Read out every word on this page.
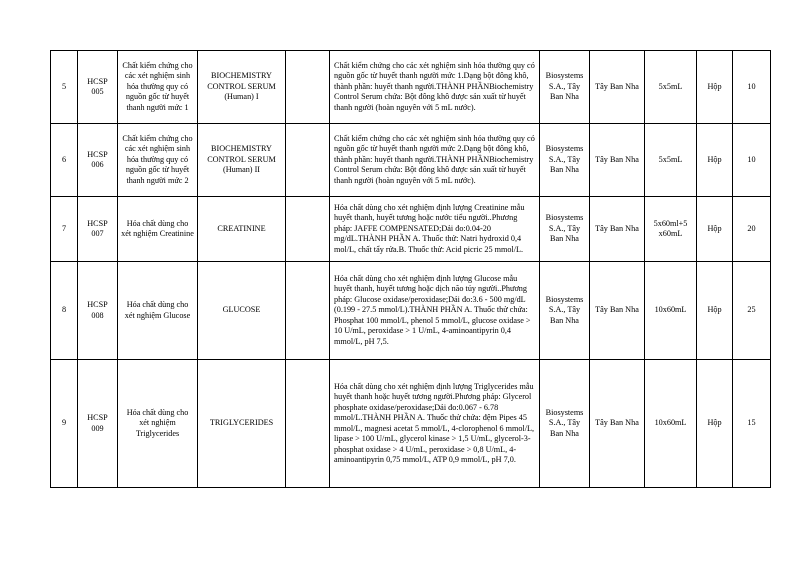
5	HCSP 005	Chất kiểm chứng cho các xét nghiệm sinh hóa thường quy có nguồn gốc từ huyết thanh người mức 1	BIOCHEMISTRY CONTROL SERUM (Human) I		Chất kiểm chứng cho các xét nghiệm sinh hóa thường quy có nguồn gốc từ huyết thanh người mức 1.Dạng bột đông khô, thành phần: huyết thanh người.THÀNH PHẦNBiochemistry Control Serum chứa: Bột đông khô được sản xuất từ huyết thanh người (hoàn nguyên với 5 mL nước).	Biosystems S.A., Tây Ban Nha	Tây Ban Nha	5x5mL	Hộp	10
6	HCSP 006	Chất kiểm chứng cho các xét nghiệm sinh hóa thường quy có nguồn gốc từ huyết thanh người mức 2	BIOCHEMISTRY CONTROL SERUM (Human) II		Chất kiểm chứng cho các xét nghiệm sinh hóa thường quy có nguồn gốc từ huyết thanh người mức 2.Dạng bột đông khô, thành phần: huyết thanh người.THÀNH PHẦNBiochemistry Control Serum chứa: Bột đông khô được sản xuất từ huyết thanh người (hoàn nguyên với 5 mL nước).	Biosystems S.A., Tây Ban Nha	Tây Ban Nha	5x5mL	Hộp	10
7	HCSP 007	Hóa chất dùng cho xét nghiệm Creatinine	CREATININE		Hóa chất dùng cho xét nghiệm định lượng Creatinine mẫu huyết thanh, huyết tương hoặc nước tiểu người..Phương pháp: JAFFE COMPENSATED;Dải đo:0.04-20 mg/dL.THÀNH PHẦN A. Thuốc thử: Natri hydroxid 0,4 mol/L, chất tẩy rửa.B. Thuốc thử: Acid picric 25 mmol/L.	Biosystems S.A., Tây Ban Nha	Tây Ban Nha	5x60ml+5 x60mL	Hộp	20
8	HCSP 008	Hóa chất dùng cho xét nghiệm Glucose	GLUCOSE		Hóa chất dùng cho xét nghiệm định lượng Glucose mẫu huyết thanh, huyết tương hoặc dịch não tủy người..Phương pháp: Glucose oxidase/peroxidase;Dải đo:3.6 - 500 mg/dL (0.199 - 27.5 mmol/L).THÀNH PHẦN A. Thuốc thử chứa: Phosphat 100 mmol/L, phenol 5 mmol/L, glucose oxidase > 10 U/mL, peroxidase > 1 U/mL, 4-aminoantipyrin 0,4 mmol/L, pH 7,5.	Biosystems S.A., Tây Ban Nha	Tây Ban Nha	10x60mL	Hộp	25
9	HCSP 009	Hóa chất dùng cho xét nghiệm Triglycerides	TRIGLYCERIDES		Hóa chất dùng cho xét nghiệm định lượng Triglycerides mẫu huyết thanh hoặc huyết tương người.Phương pháp: Glycerol phosphate oxidase/peroxidase;Dải đo:0.067 - 6.78 mmol/L.THÀNH PHẦN A. Thuốc thử chứa: đệm Pipes 45 mmol/L, magnesi acetat 5 mmol/L, 4-clorophenol 6 mmol/L, lipase > 100 U/mL, glycerol kinase > 1,5 U/mL, glycerol-3-phosphat oxidase > 4 U/mL, peroxidase > 0,8 U/mL, 4-aminoantipyrin 0,75 mmol/L, ATP 0,9 mmol/L, pH 7,0.	Biosystems S.A., Tây Ban Nha	Tây Ban Nha	10x60mL	Hộp	15
